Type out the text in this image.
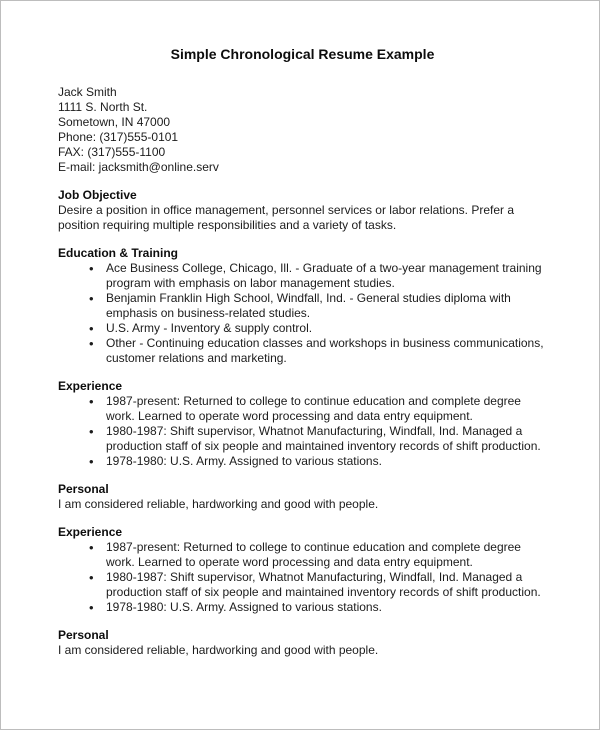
Simple Chronological Resume Example
Jack Smith
1111 S. North St.
Sometown, IN 47000
Phone: (317)555-0101
FAX: (317)555-1100
E-mail: jacksmith@online.serv
Job Objective
Desire a position in office management, personnel services or labor relations. Prefer a position requiring multiple responsibilities and a variety of tasks.
Education & Training
• Ace Business College, Chicago, Ill. - Graduate of a two-year management training program with emphasis on labor management studies.
• Benjamin Franklin High School, Windfall, Ind. - General studies diploma with emphasis on business-related studies.
• U.S. Army - Inventory & supply control.
• Other - Continuing education classes and workshops in business communications, customer relations and marketing.
Experience
• 1987-present: Returned to college to continue education and complete degree work. Learned to operate word processing and data entry equipment.
• 1980-1987: Shift supervisor, Whatnot Manufacturing, Windfall, Ind. Managed a production staff of six people and maintained inventory records of shift production.
• 1978-1980: U.S. Army. Assigned to various stations.
Personal
I am considered reliable, hardworking and good with people.
Experience
• 1987-present: Returned to college to continue education and complete degree work. Learned to operate word processing and data entry equipment.
• 1980-1987: Shift supervisor, Whatnot Manufacturing, Windfall, Ind. Managed a production staff of six people and maintained inventory records of shift production.
• 1978-1980: U.S. Army. Assigned to various stations.
Personal
I am considered reliable, hardworking and good with people.
